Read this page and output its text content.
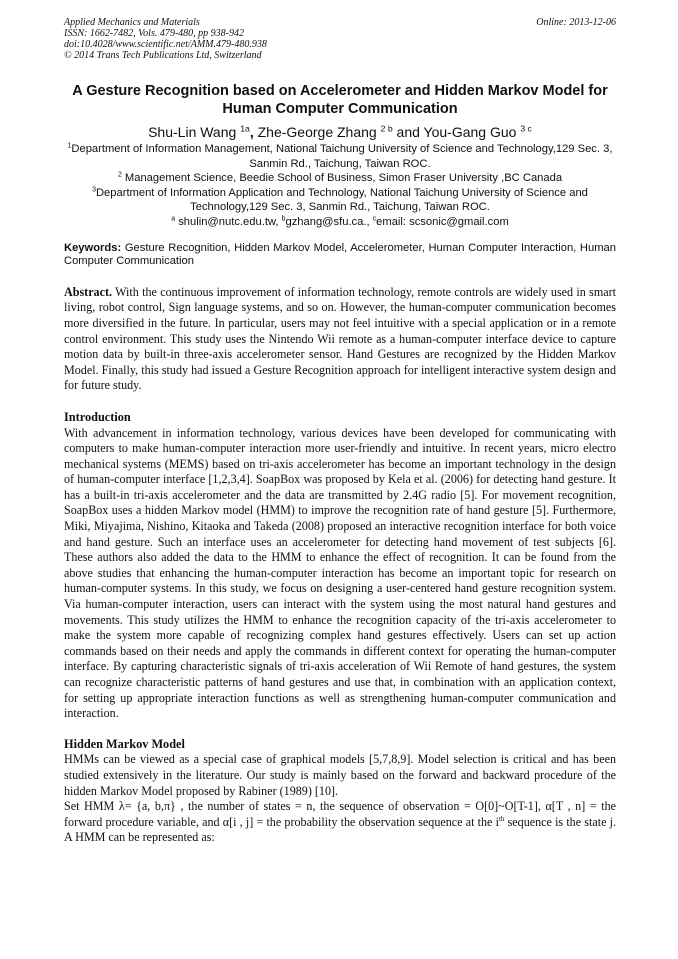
Applied Mechanics and Materials	Online: 2013-12-06
ISSN: 1662-7482, Vols. 479-480, pp 938-942
doi:10.4028/www.scientific.net/AMM.479-480.938
© 2014 Trans Tech Publications Ltd, Switzerland
A Gesture Recognition based on Accelerometer and Hidden Markov Model for Human Computer Communication
Shu-Lin Wang $^{1a}$, Zhe-George Zhang $^{2 b}$ and You-Gang Guo $^{3 c}$
$^1$Department of Information Management, National Taichung University of Science and Technology,129 Sec. 3, Sanmin Rd., Taichung, Taiwan ROC.
$^2$ Management Science, Beedie School of Business, Simon Fraser University ,BC Canada
$^3$Department of Information Application and Technology, National Taichung University of Science and Technology,129 Sec. 3, Sanmin Rd., Taichung, Taiwan ROC.
$^a$ shulin@nutc.edu.tw, $^b$gzhang@sfu.ca., $^c$email: scsonic@gmail.com
Keywords: Gesture Recognition, Hidden Markov Model, Accelerometer, Human Computer Interaction, Human Computer Communication
Abstract. With the continuous improvement of information technology, remote controls are widely used in smart living, robot control, Sign language systems, and so on. However, the human-computer communication becomes more diversified in the future. In particular, users may not feel intuitive with a special application or in a remote control environment. This study uses the Nintendo Wii remote as a human-computer interface device to capture motion data by built-in three-axis accelerometer sensor. Hand Gestures are recognized by the Hidden Markov Model. Finally, this study had issued a Gesture Recognition approach for intelligent interactive system design and for future study.
Introduction
With advancement in information technology, various devices have been developed for communicating with computers to make human-computer interaction more user-friendly and intuitive. In recent years, micro electro mechanical systems (MEMS) based on tri-axis accelerometer has become an important technology in the design of human-computer interface [1,2,3,4]. SoapBox was proposed by Kela et al. (2006) for detecting hand gesture. It has a built-in tri-axis accelerometer and the data are transmitted by 2.4G radio [5]. For movement recognition, SoapBox uses a hidden Markov model (HMM) to improve the recognition rate of hand gesture [5]. Furthermore, Miki, Miyajima, Nishino, Kitaoka and Takeda (2008) proposed an interactive recognition interface for both voice and hand gesture. Such an interface uses an accelerometer for detecting hand movement of test subjects [6]. These authors also added the data to the HMM to enhance the effect of recognition. It can be found from the above studies that enhancing the human-computer interaction has become an important topic for research on human-computer systems. In this study, we focus on designing a user-centered hand gesture recognition system. Via human-computer interaction, users can interact with the system using the most natural hand gestures and movements. This study utilizes the HMM to enhance the recognition capacity of the tri-axis accelerometer to make the system more capable of recognizing complex hand gestures effectively. Users can set up action commands based on their needs and apply the commands in different context for operating the human-computer interface. By capturing characteristic signals of tri-axis acceleration of Wii Remote of hand gestures, the system can recognize characteristic patterns of hand gestures and use that, in combination with an application context, for setting up appropriate interaction functions as well as strengthening human-computer communication and interaction.
Hidden Markov Model

HMMs can be viewed as a special case of graphical models [5,7,8,9]. Model selection is critical and has been studied extensively in the literature. Our study is mainly based on the forward and backward procedure of the hidden Markov Model proposed by Rabiner (1989) [10].

Set HMM λ= {a, b,π} , the number of states = n, the sequence of observation = O[0]~O[T-1], α[T , n] = the forward procedure variable, and α[i , j] = the probability the observation sequence at the $i^{th}$ sequence is the state j. A HMM can be represented as:
